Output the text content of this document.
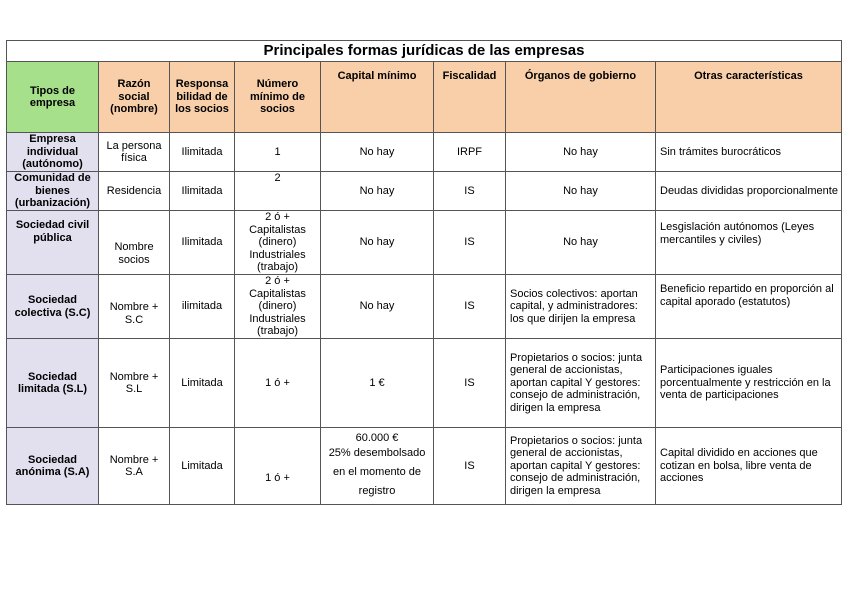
Principales formas jurídicas de las empresas							
Tipos de empresa	Razón social (nombre)	Responsa bilidad de los socios	Número mínimo de socios	Capital mínimo	Fiscalidad	Órganos de gobierno	Otras características
Empresa individual (autónomo)	La persona física	Ilimitada	1	No hay	IRPF	No hay	Sin trámites burocráticos
Comunidad de bienes (urbanización)	Residencia	Ilimitada	2	No hay	IS	No hay	Deudas divididas proporcionalmente
Sociedad civil pública	Nombre socios	Ilimitada	2 ó +
Capitalistas
(dinero)
Industriales
(trabajo)	No hay	IS	No hay	Lesgislación autónomos (Leyes mercantiles y civiles)
Sociedad colectiva (S.C)	Nombre + S.C	ilimitada	2 ó +
Capitalistas
(dinero)
Industriales
(trabajo)	No hay	IS	Socios colectivos: aportan capital, y administradores: los que dirijen la empresa	Beneficio repartido en proporción al capital aporado (estatutos)
Sociedad limitada (S.L)	Nombre + S.L	Limitada	1 ó +	1 €	IS	Propietarios o socios: junta general de accionistas, aportan capital Y gestores: consejo de administración, dirigen la empresa	Participaciones iguales porcentualmente y restricción en la venta de participaciones
Sociedad anónima (S.A)	Nombre + S.A	Limitada	1 ó +	60.000 €
25% desembolsado
en el momento de
registro	IS	Propietarios o socios: junta general de accionistas, aportan capital Y gestores: consejo de administración, dirigen la empresa	Capital dividido en acciones que cotizan en bolsa, libre venta de acciones
